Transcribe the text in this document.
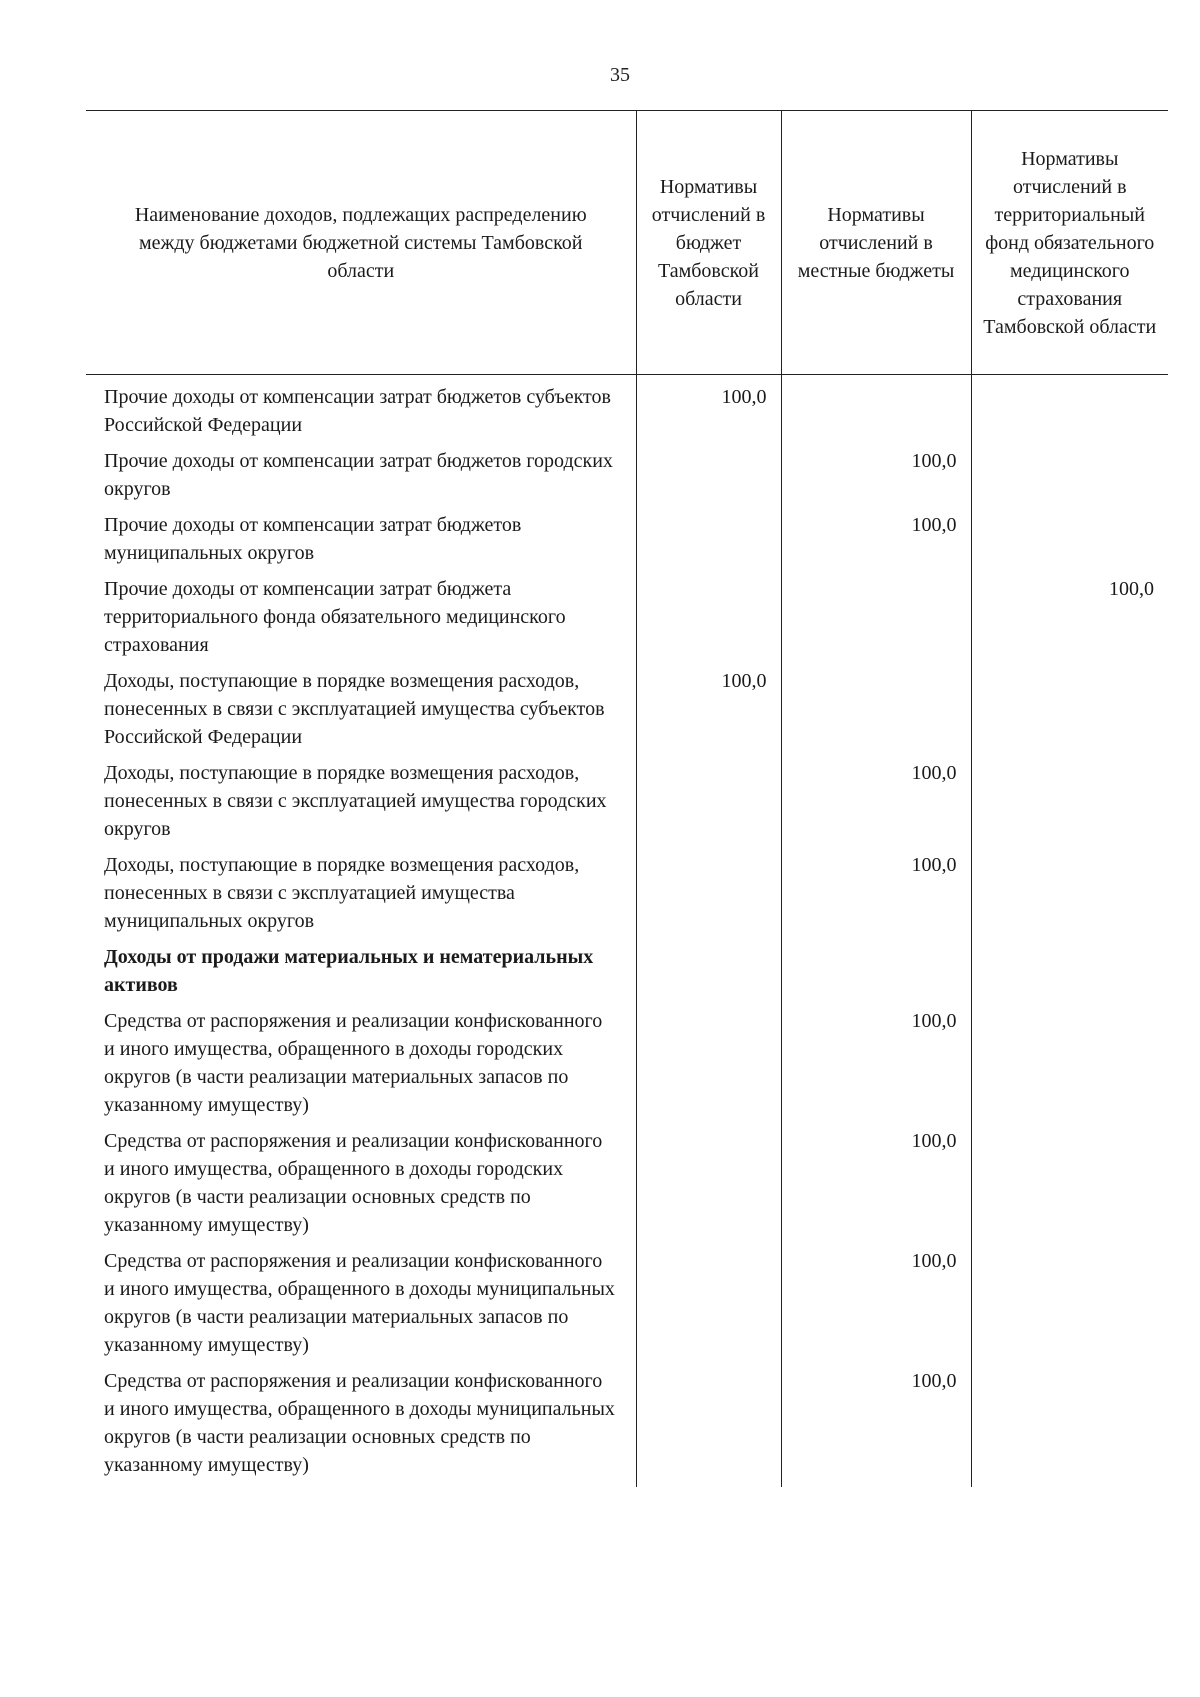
35
Наименование доходов, подлежащих распределению между бюджетами бюджетной системы Тамбовской области	Нормативы отчислений в бюджет Тамбовской области	Нормативы отчислений в местные бюджеты	Нормативы отчислений в территориальный фонд обязательного медицинского страхования Тамбовской области
Прочие доходы от компенсации затрат бюджетов субъектов Российской Федерации	100,0		
Прочие доходы от компенсации затрат бюджетов городских округов		100,0	
Прочие доходы от компенсации затрат бюджетов муниципальных округов		100,0	
Прочие доходы от компенсации затрат бюджета территориального фонда обязательного медицинского страхования			100,0
Доходы, поступающие в порядке возмещения расходов, понесенных в связи с эксплуатацией имущества субъектов Российской Федерации	100,0		
Доходы, поступающие в порядке возмещения расходов, понесенных в связи с эксплуатацией имущества городских округов		100,0	
Доходы, поступающие в порядке возмещения расходов, понесенных в связи с эксплуатацией имущества муниципальных округов		100,0	
Доходы от продажи материальных и нематериальных активов			
Средства от распоряжения и реализации конфискованного и иного имущества, обращенного в доходы городских округов (в части реализации материальных запасов по указанному имуществу)		100,0	
Средства от распоряжения и реализации конфискованного и иного имущества, обращенного в доходы городских округов (в части реализации основных средств по указанному имуществу)		100,0	
Средства от распоряжения и реализации конфискованного и иного имущества, обращенного в доходы муниципальных округов (в части реализации материальных запасов по указанному имуществу)		100,0	
Средства от распоряжения и реализации конфискованного и иного имущества, обращенного в доходы муниципальных округов (в части реализации основных средств по указанному имуществу)		100,0	
